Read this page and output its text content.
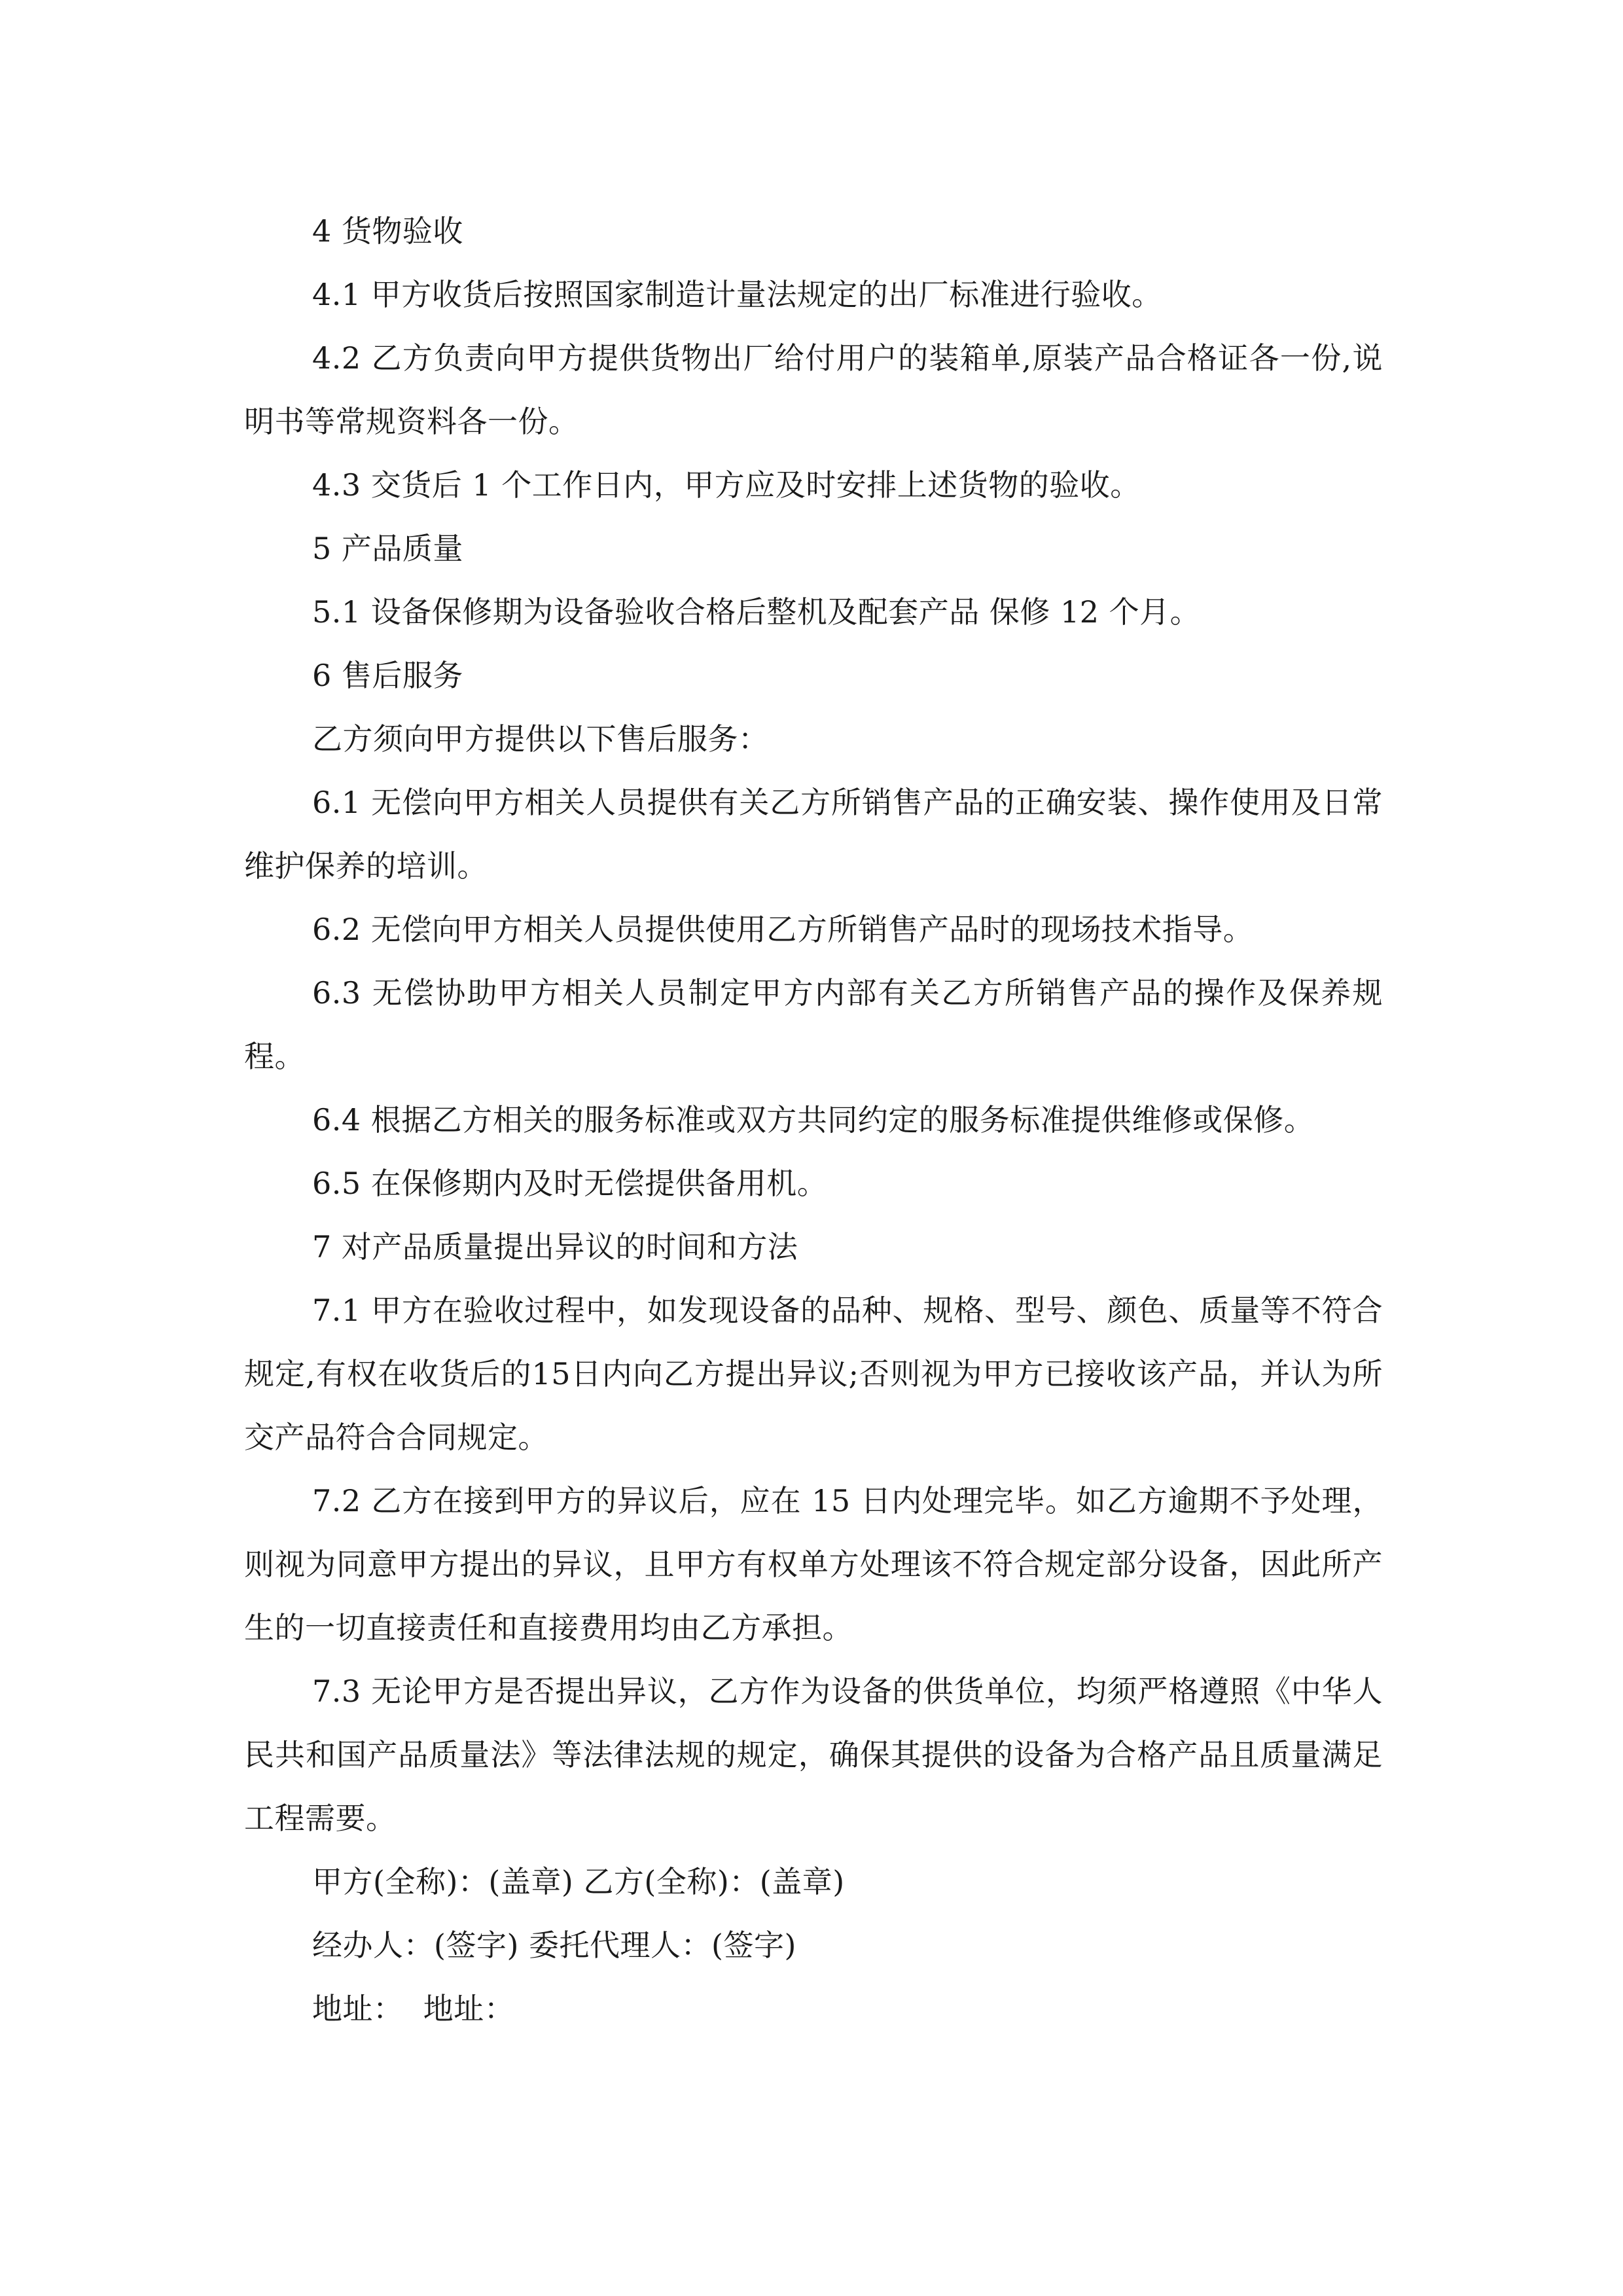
4 货物验收

4.1 甲方收货后按照国家制造计量法规定的出厂标准进行验收。

4.2 乙方负责向甲方提供货物出厂给付用户的装箱单,原装产品合格证各一份,说明书等常规资料各一份。

4.3 交货后 1 个工作日内，甲方应及时安排上述货物的验收。

5 产品质量

5.1 设备保修期为设备验收合格后整机及配套产品 保修 12 个月。

6 售后服务

乙方须向甲方提供以下售后服务：

6.1 无偿向甲方相关人员提供有关乙方所销售产品的正确安装、操作使用及日常维护保养的培训。

6.2 无偿向甲方相关人员提供使用乙方所销售产品时的现场技术指导。

6.3 无偿协助甲方相关人员制定甲方内部有关乙方所销售产品的操作及保养规程。

6.4 根据乙方相关的服务标准或双方共同约定的服务标准提供维修或保修。

6.5 在保修期内及时无偿提供备用机。

7 对产品质量提出异议的时间和方法

7.1 甲方在验收过程中，如发现设备的品种、规格、型号、颜色、质量等不符合规定,有权在收货后的15日内向乙方提出异议;否则视为甲方已接收该产品，并认为所交产品符合合同规定。

7.2 乙方在接到甲方的异议后，应在 15 日内处理完毕。如乙方逾期不予处理，则视为同意甲方提出的异议，且甲方有权单方处理该不符合规定部分设备，因此所产生的一切直接责任和直接费用均由乙方承担。

7.3 无论甲方是否提出异议，乙方作为设备的供货单位，均须严格遵照《中华人民共和国产品质量法》等法律法规的规定，确保其提供的设备为合格产品且质量满足工程需要。

甲方(全称)：(盖章) 乙方(全称)：(盖章)

经办人：(签字) 委托代理人：(签字)

地址：  地址：
